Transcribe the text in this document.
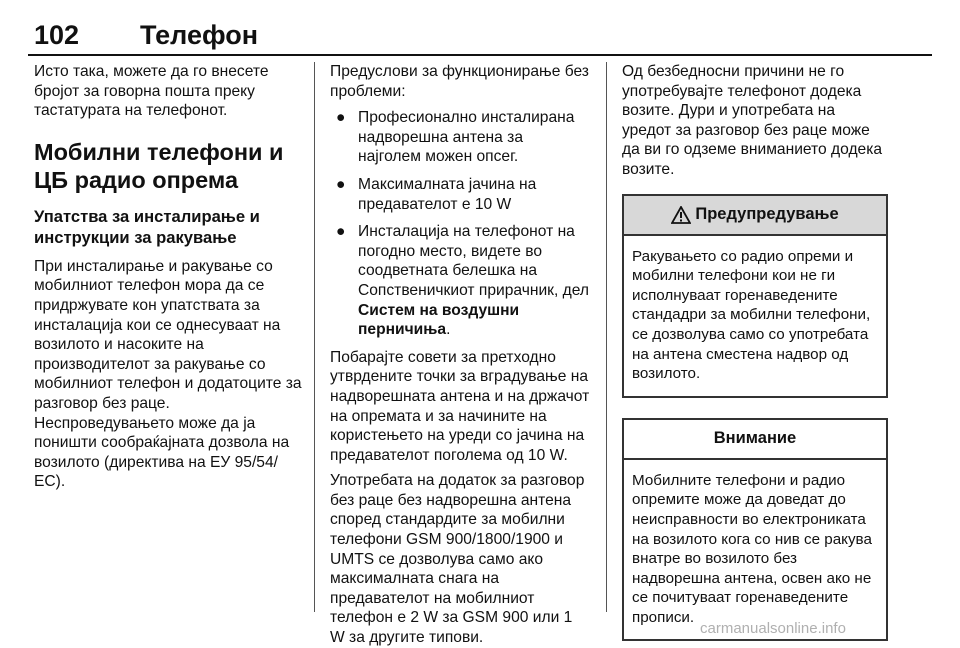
102 Телефон

Исто така, можете да го внесете бројот за говорна пошта преку тастатурата на телефонот.

Мобилни телефони и ЦБ радио опрема
Упатства за инсталирање и инструкции за ракување

При инсталирање и ракување со мобилниот телефон мора да се придржувате кон упатствата за инсталација кои се однесуваат на возилото и насоките на производителот за ракување со мобилниот телефон и додатоците за разговор без раце. Неспроведувањето може да ја поништи сообраќајната дозвола на возилото (директива на ЕУ 95/54/ ЕС).

Предуслови за функционирање без проблеми:

● Професионално инсталирана надворешна антена за најголем можен опсег.
● Максималната јачина на предавателот е 10 W
● Инсталација на телефонот на погодно место, видете во соодветната белешка на Сопственичкиот прирачник, дел Систем на воздушни перничиња.

Побарајте совети за претходно утврдените точки за вградување на надворешната антена и на држачот на опремата и за начините на користењето на уреди со јачина на предавателот поголема од 10 W.

Употребата на додаток за разговор без раце без надворешна антена според стандардите за мобилни телефони GSM 900/1800/1900 и UMTS се дозволува само ако максималната снага на предавателот на мобилниот телефон е 2 W за GSM 900 или 1 W за другите типови.

Од безбедносни причини не го употребувајте телефонот додека возите. Дури и употребата на уредот за разговор без раце може да ви го одземе вниманието додека возите.

Предупредување
Ракувањето со радио опреми и мобилни телефони кои не ги исполнуваат горенаведените стандадри за мобилни телефони, се дозволува само со употребата на антена сместена надвор од возилото.
Внимание
Мобилните телефони и радио опремите може да доведат до неисправности во електрониката на возилото кога со нив се ракува внатре во возилото без надворешна антена, освен ако не се почитуваат горенаведените прописи.
carmanualsonline.info
